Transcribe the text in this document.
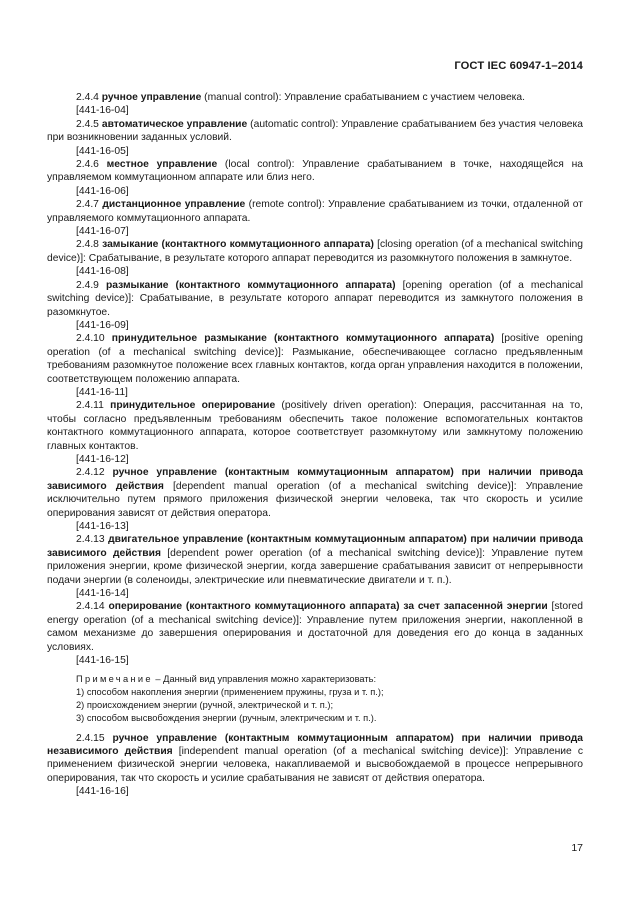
ГОСТ IEC 60947-1–2014

2.4.4 ручное управление (manual control): Управление срабатыванием с участием человека.

[441-16-04]

2.4.5 автоматическое управление (automatic control): Управление срабатыванием без участия человека при возникновении заданных условий.

[441-16-05]

2.4.6 местное управление (local control): Управление срабатыванием в точке, находящейся на управляемом коммутационном аппарате или близ него.

[441-16-06]

2.4.7 дистанционное управление (remote control): Управление срабатыванием из точки, отдаленной от управляемого коммутационного аппарата.

[441-16-07]

2.4.8 замыкание (контактного коммутационного аппарата) [closing operation (of a mechanical switching device)]: Срабатывание, в результате которого аппарат переводится из разомкнутого положения в замкнутое.

[441-16-08]

2.4.9 размыкание (контактного коммутационного аппарата) [opening operation (of a mechanical switching device)]: Срабатывание, в результате которого аппарат переводится из замкнутого положения в разомкнутое.

[441-16-09]

2.4.10 принудительное размыкание (контактного коммутационного аппарата) [positive opening operation (of a mechanical switching device)]: Размыкание, обеспечивающее согласно предъявленным требованиям разомкнутое положение всех главных контактов, когда орган управления находится в положении, соответствующем положению аппарата.

[441-16-11]

2.4.11 принудительное оперирование (positively driven operation): Операция, рассчитанная на то, чтобы согласно предъявленным требованиям обеспечить такое положение вспомогательных контактов контактного коммутационного аппарата, которое соответствует разомкнутому или замкнутому положению главных контактов.

[441-16-12]

2.4.12 ручное управление (контактным коммутационным аппаратом) при наличии привода зависимого действия [dependent manual operation (of a mechanical switching device)]: Управление исключительно путем прямого приложения физической энергии человека, так что скорость и усилие оперирования зависят от действия оператора.

[441-16-13]

2.4.13 двигательное управление (контактным коммутационным аппаратом) при наличии привода зависимого действия [dependent power operation (of a mechanical switching device)]: Управление путем приложения энергии, кроме физической энергии, когда завершение срабатывания зависит от непрерывности подачи энергии (в соленоиды, электрические или пневматические двигатели и т. п.).

[441-16-14]

2.4.14 оперирование (контактного коммутационного аппарата) за счет запасенной энергии [stored energy operation (of a mechanical switching device)]: Управление путем приложения энергии, накопленной в самом механизме до завершения оперирования и достаточной для доведения его до конца в заданных условиях.

[441-16-15]

Примечание – Данный вид управления можно характеризовать:

1) способом накопления энергии (применением пружины, груза и т. п.);

2) происхождением энергии (ручной, электрической и т. п.);

3) способом высвобождения энергии (ручным, электрическим и т. п.).

2.4.15 ручное управление (контактным коммутационным аппаратом) при наличии привода независимого действия [independent manual operation (of a mechanical switching device)]: Управление с применением физической энергии человека, накапливаемой и высвобождаемой в процессе непрерывного оперирования, так что скорость и усилие срабатывания не зависят от действия оператора.

[441-16-16]

17
